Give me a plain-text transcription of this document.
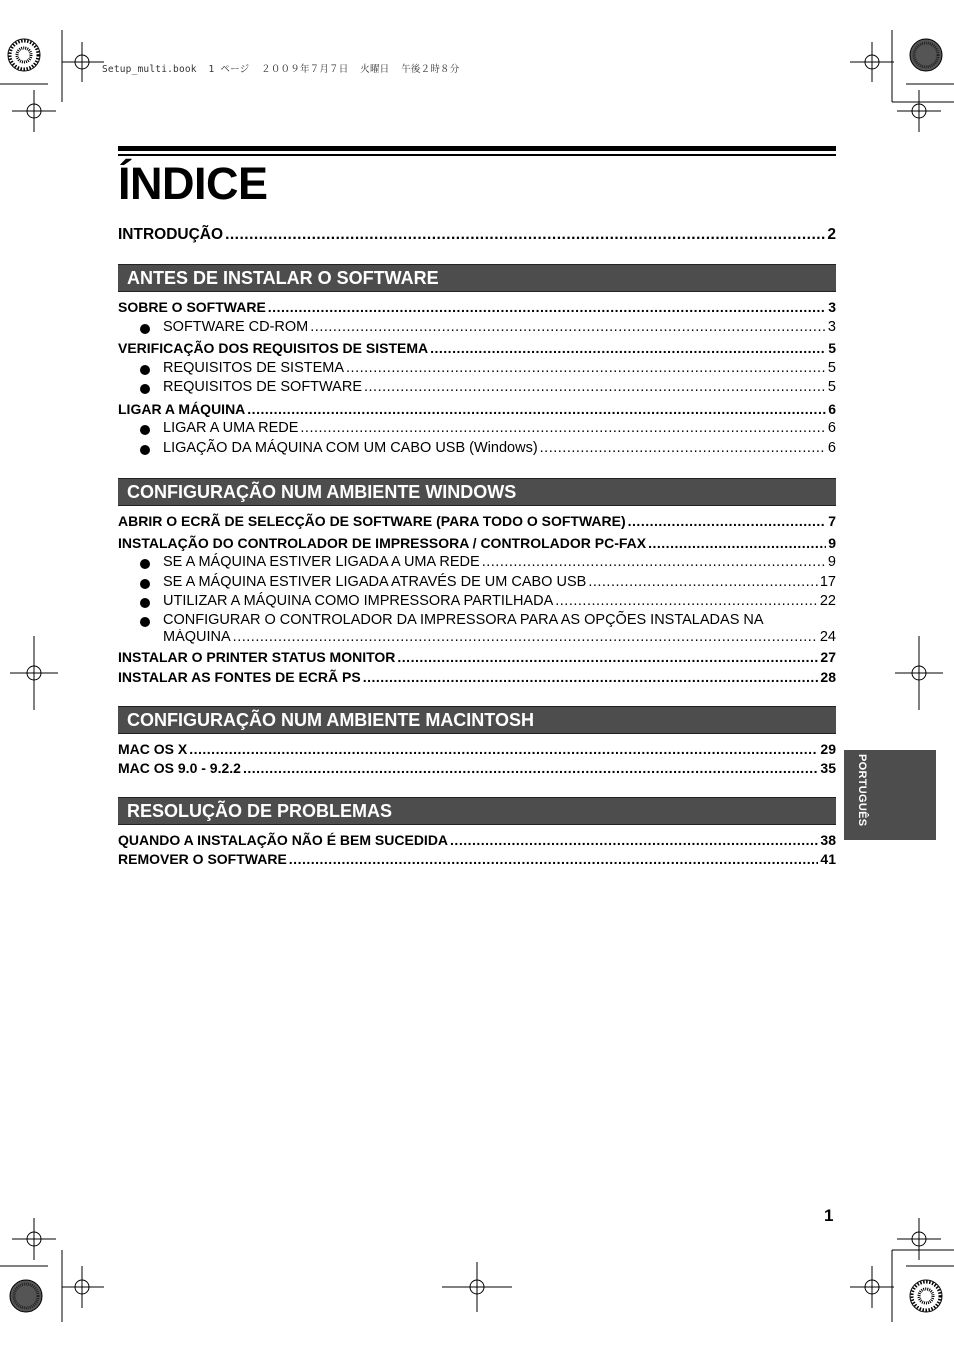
Setup_multi.book  1 ページ  ２００９年７月７日  火曜日  午後２時８分
ÍNDICE
INTRODUÇÃO .....	2
ANTES DE INSTALAR O SOFTWARE
SOBRE O SOFTWARE .....	3
SOFTWARE CD-ROM .....	3
VERIFICAÇÃO DOS REQUISITOS DE SISTEMA .....	5
REQUISITOS DE SISTEMA .....	5
REQUISITOS DE SOFTWARE .....	5
LIGAR A MÁQUINA .....	6
LIGAR A UMA REDE .....	6
LIGAÇÃO DA MÁQUINA COM UM CABO USB (Windows) .....	6
CONFIGURAÇÃO NUM AMBIENTE WINDOWS
ABRIR O ECRÃ DE SELECÇÃO DE SOFTWARE (PARA TODO O SOFTWARE) .....	7
INSTALAÇÃO DO CONTROLADOR DE IMPRESSORA / CONTROLADOR PC-FAX .....	9
SE A MÁQUINA ESTIVER LIGADA A UMA REDE .....	9
SE A MÁQUINA ESTIVER LIGADA ATRAVÉS DE UM CABO USB .....	17
UTILIZAR A MÁQUINA COMO IMPRESSORA PARTILHADA .....	22
CONFIGURAR O CONTROLADOR DA IMPRESSORA PARA AS OPÇÕES INSTALADAS NA
MÁQUINA .....	24
INSTALAR O PRINTER STATUS MONITOR .....	27
INSTALAR AS FONTES DE ECRÃ PS .....	28
CONFIGURAÇÃO NUM AMBIENTE MACINTOSH
MAC OS X .....	29
MAC OS 9.0 - 9.2.2 .....	35
RESOLUÇÃO DE PROBLEMAS
QUANDO A INSTALAÇÃO NÃO É BEM SUCEDIDA .....	38
REMOVER O SOFTWARE .....	41
PORTUGUÊS
1
